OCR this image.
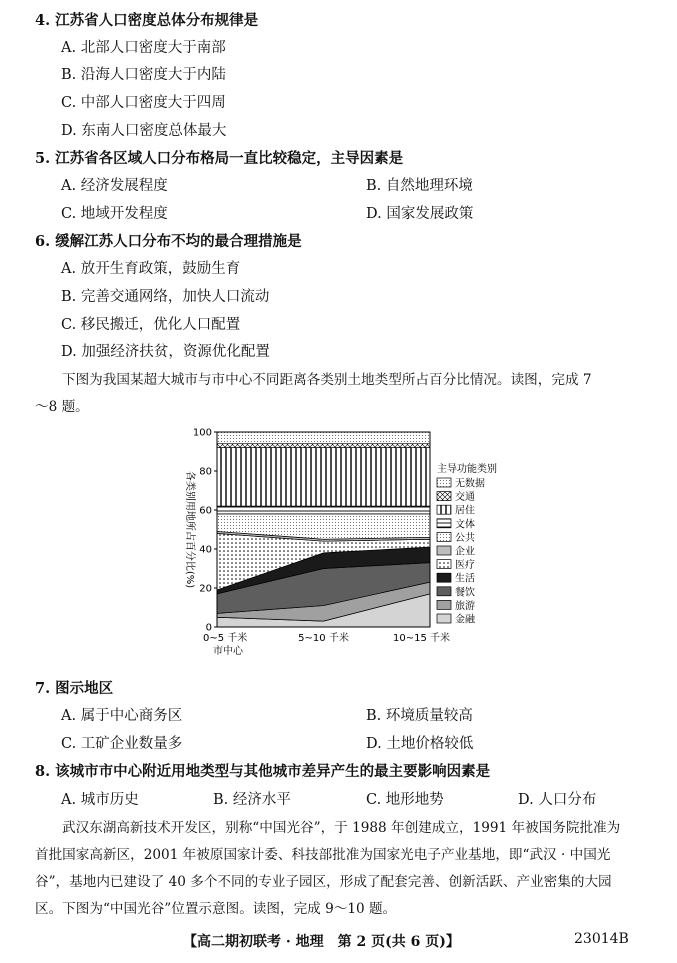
4. 江苏省人口密度总体分布规律是
A. 北部人口密度大于南部
B. 沿海人口密度大于内陆
C. 中部人口密度大于四周
D. 东南人口密度总体最大
5. 江苏省各区域人口分布格局一直比较稳定，主导因素是
A. 经济发展程度	B. 自然地理环境
C. 地域开发程度	D. 国家发展政策
6. 缓解江苏人口分布不均的最合理措施是
A. 放开生育政策，鼓励生育
B. 完善交通网络，加快人口流动
C. 移民搬迁，优化人口配置
D. 加强经济扶贫，资源优化配置
下图为我国某超大城市与市中心不同距离各类别土地类型所占百分比情况。读图，完成 7
～8 题。
0
20
40
60
80
100
0~5 千米	5~10 千米	10~15 千米
市中心
各类别用地所占百分比(%)
主导功能类别
无数据
交通
居住
文体
公共
企业
医疗
生活
餐饮
旅游
金融
7. 图示地区
A. 属于中心商务区	B. 环境质量较高
C. 工矿企业数量多	D. 土地价格较低
8. 该城市市中心附近用地类型与其他城市差异产生的最主要影响因素是
A. 城市历史	B. 经济水平	C. 地形地势	D. 人口分布
武汉东湖高新技术开发区，别称“中国光谷”，于 1988 年创建成立，1991 年被国务院批准为
首批国家高新区，2001 年被原国家计委、科技部批准为国家光电子产业基地，即“武汉 · 中国光
谷”，基地内已建设了 40 多个不同的专业子园区，形成了配套完善、创新活跃、产业密集的大园
区。下图为“中国光谷”位置示意图。读图，完成 9～10 题。
【高二期初联考 · 地理　第 2 页(共 6 页)】	23014B
